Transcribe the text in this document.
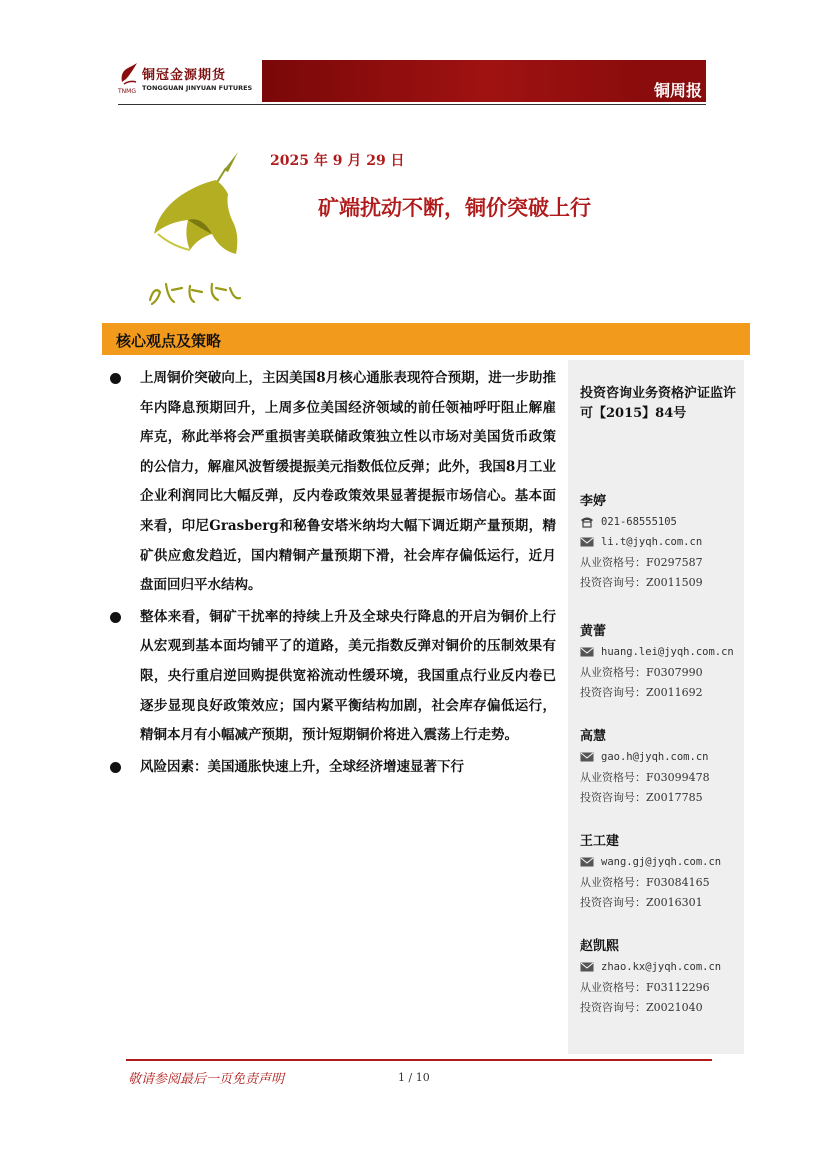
TNMG
铜冠金源期货
TONGGUAN JINYUAN FUTURES	铜周报
2025 年 9 月 29 日
矿端扰动不断，铜价突破上行
核心观点及策略
上周铜价突破向上，主因美国8月核心通胀表现符合预期，进一步助推年内降息预期回升，上周多位美国经济领域的前任领袖呼吁阻止解雇库克，称此举将会严重损害美联储政策独立性以市场对美国货币政策的公信力，解雇风波暂缓提振美元指数低位反弹；此外，我国8月工业企业利润同比大幅反弹，反内卷政策效果显著提振市场信心。基本面来看，印尼Grasberg和秘鲁安塔米纳均大幅下调近期产量预期，精矿供应愈发趋近，国内精铜产量预期下滑，社会库存偏低运行，近月盘面回归平水结构。
整体来看，铜矿干扰率的持续上升及全球央行降息的开启为铜价上行从宏观到基本面均铺平了的道路，美元指数反弹对铜价的压制效果有限，央行重启逆回购提供宽裕流动性缓环境，我国重点行业反内卷已逐步显现良好政策效应；国内紧平衡结构加剧，社会库存偏低运行，精铜本月有小幅减产预期，预计短期铜价将进入震荡上行走势。
风险因素：美国通胀快速上升，全球经济增速显著下行
投资咨询业务资格沪证监许可【2015】84号
李婷
021-68555105
li.t@jyqh.com.cn
从业资格号：F0297587
投资咨询号：Z0011509
黄蕾
huang.lei@jyqh.com.cn
从业资格号：F0307990
投资咨询号：Z0011692
高慧
gao.h@jyqh.com.cn
从业资格号：F03099478
投资咨询号：Z0017785
王工建
wang.gj@jyqh.com.cn
从业资格号：F03084165
投资咨询号：Z0016301
赵凯熙
zhao.kx@jyqh.com.cn
从业资格号：F03112296
投资咨询号：Z0021040
敬请参阅最后一页免责声明	1 / 10
